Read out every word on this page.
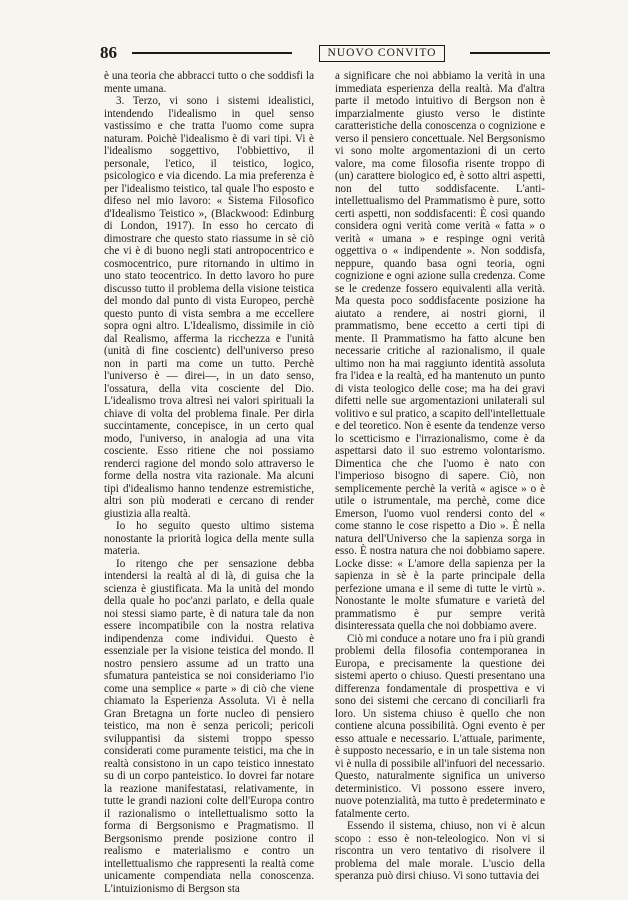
86	NUOVO CONVITO

è una teoria che abbracci tutto o che soddisfi la mente umana.

3. Terzo, vi sono i sistemi idealistici, intendendo l'idealismo in quel senso vastissimo e che tratta l'uomo come supra naturam. Poichè l'idealismo è di vari tipi. Vi è l'idealismo soggettivo, l'obbiettivo, il personale, l'etico, il teistico, logico, psicologico e via dicendo. La mia preferenza è per l'idealismo teistico, tal quale l'ho esposto e difeso nel mio lavoro: « Sistema Filosofico d'Idealismo Teistico », (Blackwood: Edinburg di London, 1917). In esso ho cercato di dimostrare che questo stato riassume in sè ciò che vi è di buono negli stati antropocentrico e cosmocentrico, pure ritornando in ultimo in uno stato teocentrico. In detto lavoro ho pure discusso tutto il problema della visione teistica del mondo dal punto di vista Europeo, perchè questo punto di vista sembra a me eccellere sopra ogni altro. L'Idealismo, dissimile in ciò dal Realismo, afferma la ricchezza e l'unità (unità di fine coscientc) dell'universo preso non in parti ma come un tutto. Perchè l'universo è — direi—, in un dato senso, l'ossatura, della vita cosciente del Dio. L'idealismo trova altresì nei valori spirituali la chiave di volta del problema finale. Per dirla succintamente, concepisce, in un certo qual modo, l'universo, in analogia ad una vita cosciente. Esso ritiene che noi possiamo renderci ragione del mondo solo attraverso le forme della nostra vita razionale. Ma alcuni tipi d'idealismo hanno tendenze estremistiche, altri son più moderati e cercano di render giustizia alla realtà.

Io ho seguito questo ultimo sistema nonostante la priorità logica della mente sulla materia.

Io ritengo che per sensazione debba intendersi la realtà al di là, di guisa che la scienza è giustificata. Ma la unità del mondo della quale ho poc'anzi parlato, e della quale noi stessi siamo parte, è di natura tale da non essere incompatibile con la nostra relativa indipendenza come individui. Questo è essenziale per la visione teistica del mondo. Il nostro pensiero assume ad un tratto una sfumatura panteistica se noi consideriamo l'io come una semplice « parte » di ciò che viene chiamato la Esperienza Assoluta. Vi è nella Gran Bretagna un forte nucleo di pensiero teistico, ma non è senza pericoli; pericoli sviluppantisi da sistemi troppo spesso considerati come puramente teistici, ma che in realtà consistono in un capo teistico innestato su di un corpo panteistico. Io dovrei far notare la reazione manifestatasi, relativamente, in tutte le grandi nazioni colte dell'Europa contro il razionalismo o intellettualismo sotto la forma di Bergsonismo e Pragmatismo. Il Bergsonismo prende posizione contro il realismo e materialismo e contro un intellettualismo che rappresenti la realtà come unicamente compendiata nella conoscenza. L'intuizionismo di Bergson sta

a significare che noi abbiamo la verità in una immediata esperienza della realtà. Ma d'altra parte il metodo intuitivo di Bergson non è imparzialmente giusto verso le distinte caratteristiche della conoscenza o cognizione e verso il pensiero concettuale. Nel Bergsonismo vi sono molte argomentazioni di un certo valore, ma come filosofia risente troppo di (un) carattere biologico ed, è sotto altri aspetti, non del tutto soddisfacente. L'anti-intellettualismo del Prammatismo è pure, sotto certi aspetti, non soddisfacenti: È così quando considera ogni verità come verità « fatta » o verità « umana » e respinge ogni verità oggettiva o « indipendente ». Non soddisfa, neppure, quando basa ogni teoria, ogni cognizione e ogni azione sulla credenza. Come se le credenze fossero equivalenti alla verità. Ma questa poco soddisfacente posizione ha aiutato a rendere, ai nostri giorni, il prammatismo, bene eccetto a certi tipi di mente. Il Prammatismo ha fatto alcune ben necessarie critiche al razionalismo, il quale ultimo non ha mai raggiunto identità assoluta fra l'idea e la realtà, ed ha mantenuto un punto di vista teologico delle cose; ma ha dei gravi difetti nelle sue argomentazioni unilaterali sul volitivo e sul pratico, a scapito dell'intellettuale e del teoretico. Non è esente da tendenze verso lo scetticismo e l'irrazionalismo, come è da aspettarsi dato il suo estremo volontarismo. Dimentica che che l'uomo è nato con l'imperioso bisogno di sapere. Ciò, non semplicemente perchè la verità « agisce » o è utile o istrumentale, ma perchè, come dice Emerson, l'uomo vuol rendersi conto del « come stanno le cose rispetto a Dio ». È nella natura dell'Universo che la sapienza sorga in esso. È nostra natura che noi dobbiamo sapere. Locke disse: « L'amore della sapienza per la sapienza in sè è la parte principale della perfezione umana e il seme di tutte le virtù ». Nonostante le molte sfumature e varietà del prammatismo è pur sempre verità disinteressata quella che noi dobbiamo avere.

Ciò mi conduce a notare uno fra i più grandi problemi della filosofia contemporanea in Europa, e precisamente la questione dei sistemi aperto o chiuso. Questi presentano una differenza fondamentale di prospettiva e vi sono dei sistemi che cercano di conciliarli fra loro. Un sistema chiuso è quello che non contiene alcuna possibilità. Ogni evento è per esso attuale e necessario. L'attuale, parimente, è supposto necessario, e in un tale sistema non vi è nulla di possibile all'infuori del necessario. Questo, naturalmente significa un universo deterministico. Vi possono essere invero, nuove potenzialità, ma tutto è predeterminato e fatalmente certo.

Essendo il sistema, chiuso, non vi è alcun scopo : esso è non-teleologico. Non vi si riscontra un vero tentativo di risolvere il problema del male morale. L'uscio della speranza può dirsi chiuso. Vi sono tuttavia dei
